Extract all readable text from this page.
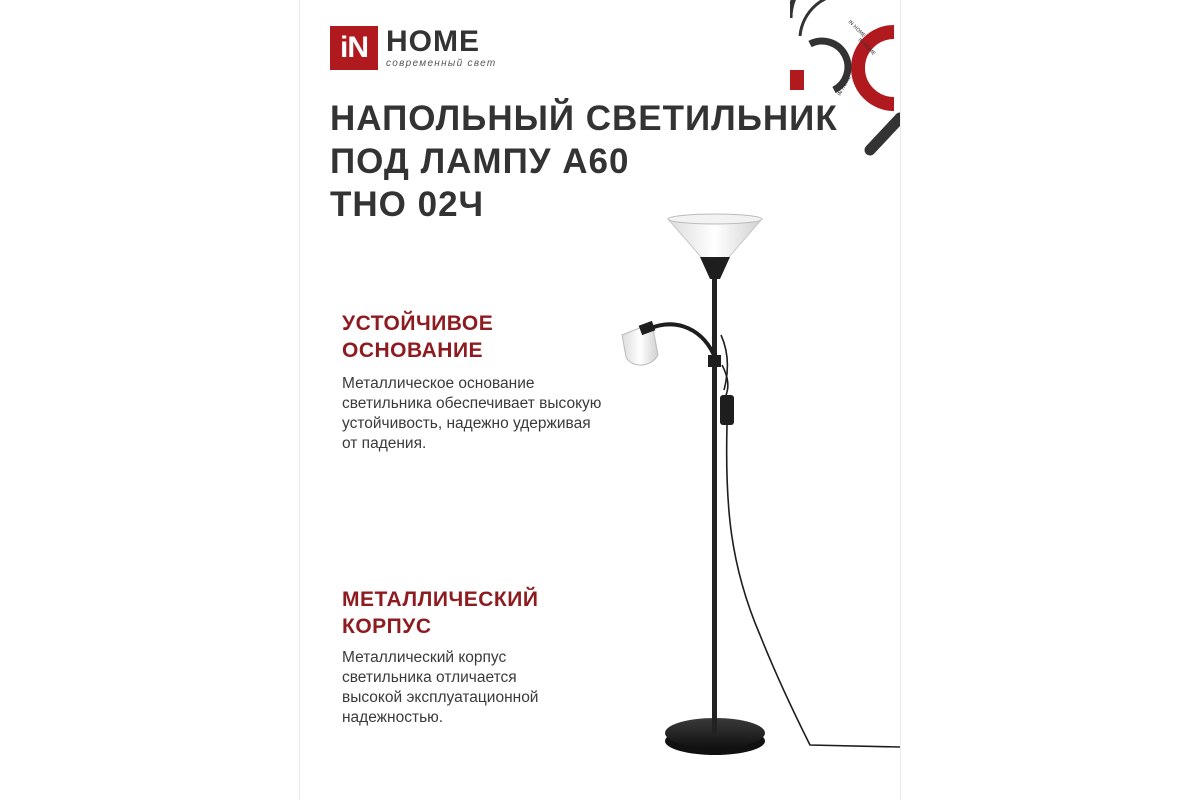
iN HOME
современный свет
IN HOME
IN HOME
IN HOME
НАПОЛЬНЫЙ СВЕТИЛЬНИК
ПОД ЛАМПУ А60
ТНО 02Ч
УСТОЙЧИВОЕ
ОСНОВАНИЕ

Металлическое основание
светильника обеспечивает высокую
устойчивость, надежно удерживая
от падения.

МЕТАЛЛИЧЕСКИЙ
КОРПУС

Металлический корпус
светильника отличается
высокой эксплуатационной
надежностью.
